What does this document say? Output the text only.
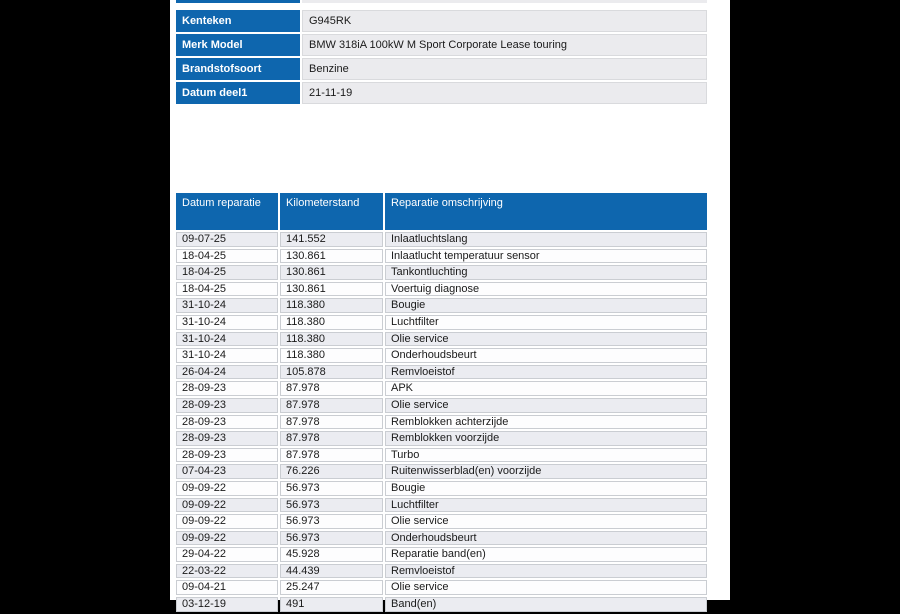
Kenteken	G945RK
Merk Model	BMW 318iA 100kW M Sport Corporate Lease touring
Brandstofsoort	Benzine
Datum deel1	21-11-19
Datum reparatie	Kilometerstand	Reparatie omschrijving
09-07-25	141.552	Inlaatluchtslang
18-04-25	130.861	Inlaatlucht temperatuur sensor
18-04-25	130.861	Tankontluchting
18-04-25	130.861	Voertuig diagnose
31-10-24	118.380	Bougie
31-10-24	118.380	Luchtfilter
31-10-24	118.380	Olie service
31-10-24	118.380	Onderhoudsbeurt
26-04-24	105.878	Remvloeistof
28-09-23	87.978	APK
28-09-23	87.978	Olie service
28-09-23	87.978	Remblokken achterzijde
28-09-23	87.978	Remblokken voorzijde
28-09-23	87.978	Turbo
07-04-23	76.226	Ruitenwisserblad(en) voorzijde
09-09-22	56.973	Bougie
09-09-22	56.973	Luchtfilter
09-09-22	56.973	Olie service
09-09-22	56.973	Onderhoudsbeurt
29-04-22	45.928	Reparatie band(en)
22-03-22	44.439	Remvloeistof
09-04-21	25.247	Olie service
03-12-19	491	Band(en)
